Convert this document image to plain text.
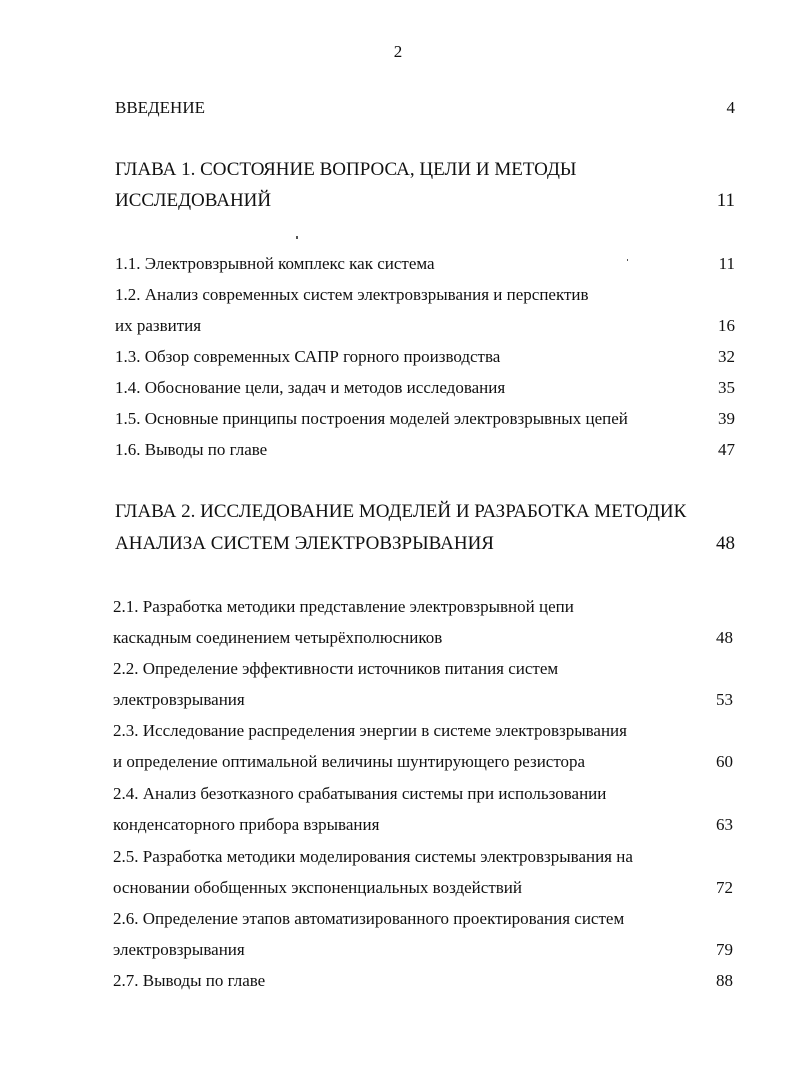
2
ВВЕДЕНИЕ	4
ГЛАВА 1. СОСТОЯНИЕ ВОПРОСА, ЦЕЛИ И МЕТОДЫ
ИССЛЕДОВАНИЙ	11
1.1. Электровзрывной комплекс как система	11
1.2. Анализ современных систем электровзрывания и перспектив
их развития	16
1.3. Обзор современных САПР горного производства	32
1.4. Обоснование цели, задач и методов исследования	35
1.5. Основные принципы построения моделей электровзрывных цепей	39
1.6. Выводы по главе	47
ГЛАВА 2. ИССЛЕДОВАНИЕ МОДЕЛЕЙ И РАЗРАБОТКА МЕТОДИК
АНАЛИЗА СИСТЕМ ЭЛЕКТРОВЗРЫВАНИЯ	48
2.1. Разработка методики представление электровзрывной цепи
каскадным соединением четырёхполюсников	48
2.2. Определение эффективности источников питания систем
электровзрывания	53
2.3. Исследование распределения энергии в системе электровзрывания
и определение оптимальной величины шунтирующего резистора	60
2.4. Анализ безотказного срабатывания системы при использовании
конденсаторного прибора взрывания	63
2.5. Разработка методики моделирования системы электровзрывания на
основании обобщенных экспоненциальных воздействий	72
2.6. Определение этапов автоматизированного проектирования систем
электровзрывания	79
2.7. Выводы по главе	88
